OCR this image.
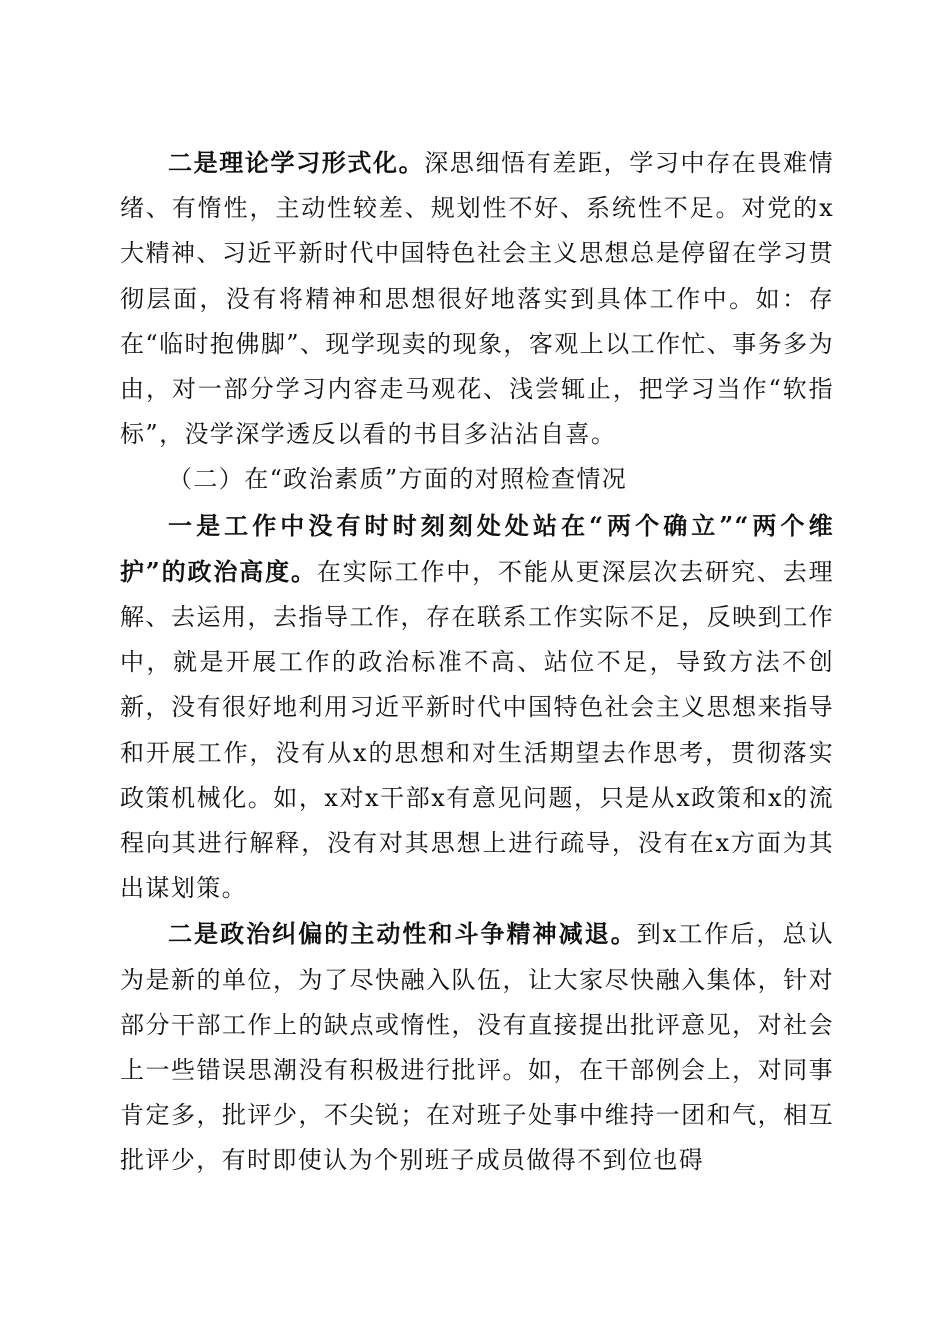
二是理论学习形式化。深思细悟有差距，学习中存在畏难情绪、有惰性，主动性较差、规划性不好、系统性不足。对党的x大精神、习近平新时代中国特色社会主义思想总是停留在学习贯彻层面，没有将精神和思想很好地落实到具体工作中。如：存在“临时抱佛脚”、现学现卖的现象，客观上以工作忙、事务多为由，对一部分学习内容走马观花、浅尝辄止，把学习当作“软指标”，没学深学透反以看的书目多沾沾自喜。

（二）在“政治素质”方面的对照检查情况

一是工作中没有时时刻刻处处站在“两个确立”“两个维护”的政治高度。在实际工作中，不能从更深层次去研究、去理解、去运用，去指导工作，存在联系工作实际不足，反映到工作中，就是开展工作的政治标准不高、站位不足，导致方法不创新，没有很好地利用习近平新时代中国特色社会主义思想来指导和开展工作，没有从x的思想和对生活期望去作思考，贯彻落实政策机械化。如，x对x干部x有意见问题，只是从x政策和x的流程向其进行解释，没有对其思想上进行疏导，没有在x方面为其出谋划策。

二是政治纠偏的主动性和斗争精神减退。到x工作后，总认为是新的单位，为了尽快融入队伍，让大家尽快融入集体，针对部分干部工作上的缺点或惰性，没有直接提出批评意见，对社会上一些错误思潮没有积极进行批评。如，在干部例会上，对同事肯定多，批评少，不尖锐；在对班子处事中维持一团和气，相互批评少，有时即使认为个别班子成员做得不到位也碍
